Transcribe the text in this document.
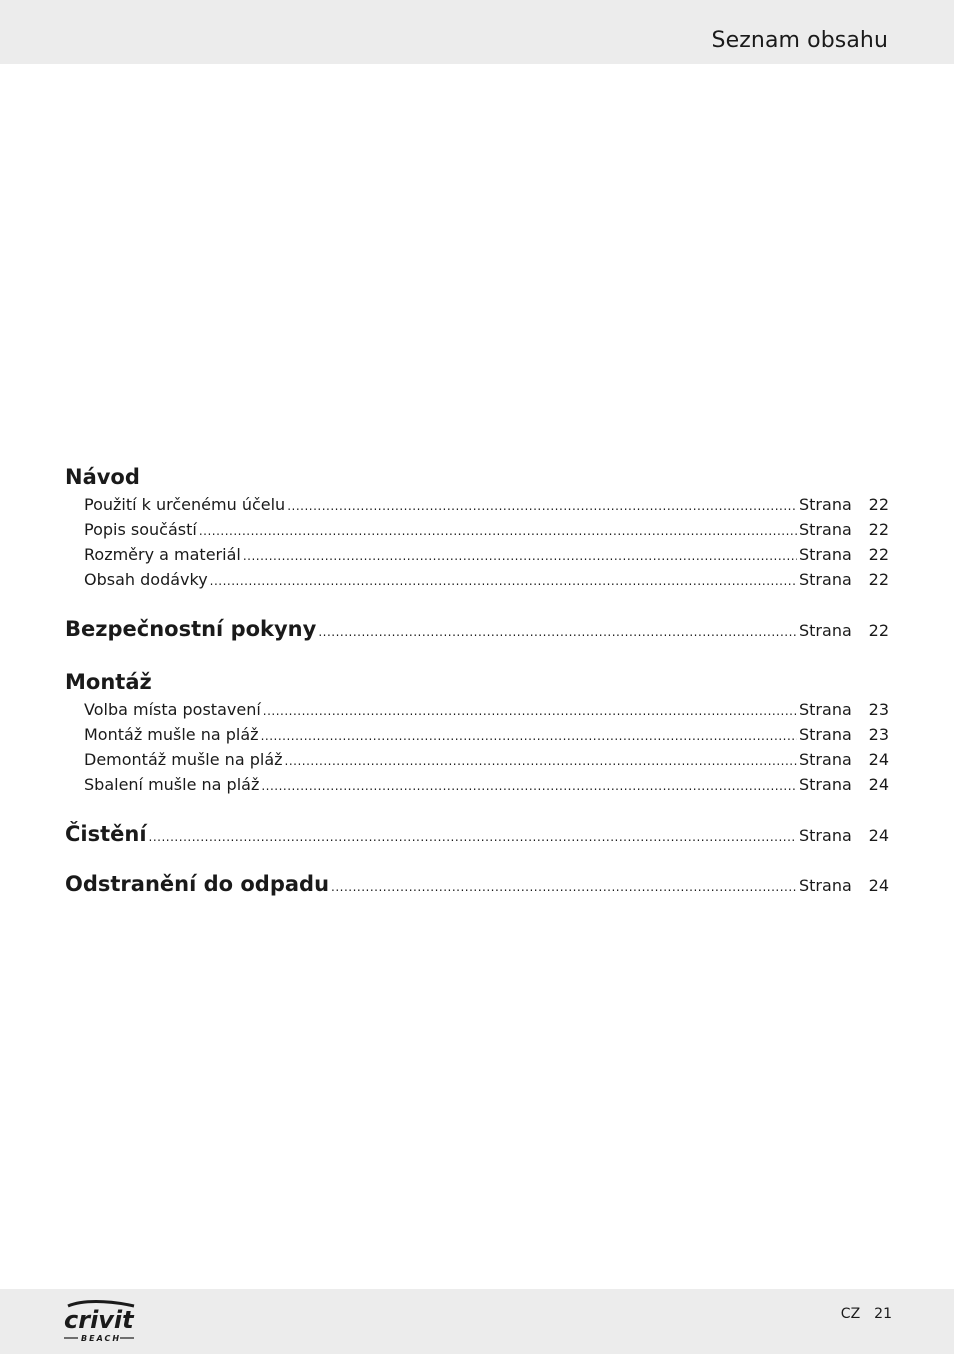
Seznam obsahu
Návod
Použití k určenému účelu .....	Strana	22
Popis součástí .....	Strana	22
Rozměry a materiál .....	Strana	22
Obsah dodávky .....	Strana	22
Bezpečnostní pokyny .....	Strana	22
Montáž
Volba místa postavení .....	Strana	23
Montáž mušle na pláž .....	Strana	23
Demontáž mušle na pláž .....	Strana	24
Sbalení mušle na pláž .....	Strana	24
Čistění .....	Strana	24
Odstranění do odpadu .....	Strana	24
crivit
BEACH
CZ 21
